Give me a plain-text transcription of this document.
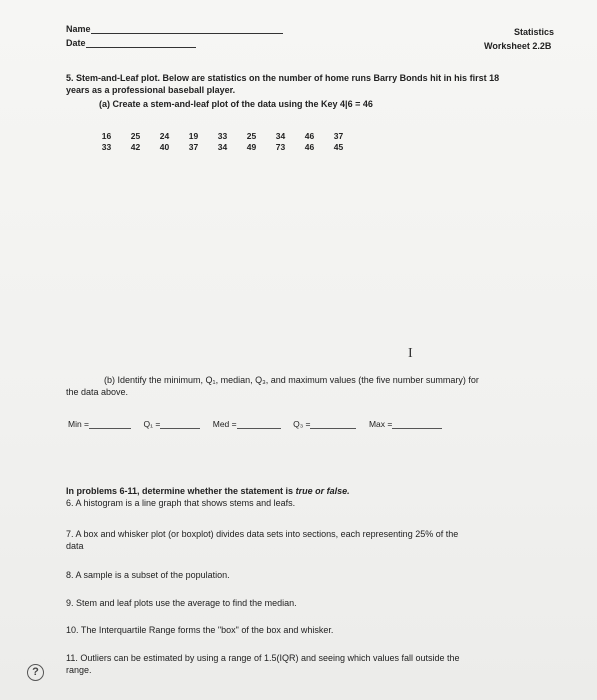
Name
Date
Statistics
Worksheet 2.2B
5. Stem-and-Leaf plot. Below are statistics on the number of home runs Barry Bonds hit in his first 18
years as a professional baseball player.
(a) Create a stem-and-leaf plot of the data using the Key 4|6 = 46
16	25	24	19	33	25	34	46	37
33	42	40	37	34	49	73	46	45
I
(b) Identify the minimum, Q₁, median, Q₃, and maximum values (the five number summary) for
the data above.
Min =	Q₁ =	Med =	Q₃ =	Max =
In problems 6-11, determine whether the statement is true or false.
6. A histogram is a line graph that shows stems and leafs.
7. A box and whisker plot (or boxplot) divides data sets into sections, each representing 25% of the
data
8. A sample is a subset of the population.
9. Stem and leaf plots use the average to find the median.
10. The Interquartile Range forms the "box" of the box and whisker.
11. Outliers can be estimated by using a range of 1.5(IQR) and seeing which values fall outside the
range.
?
